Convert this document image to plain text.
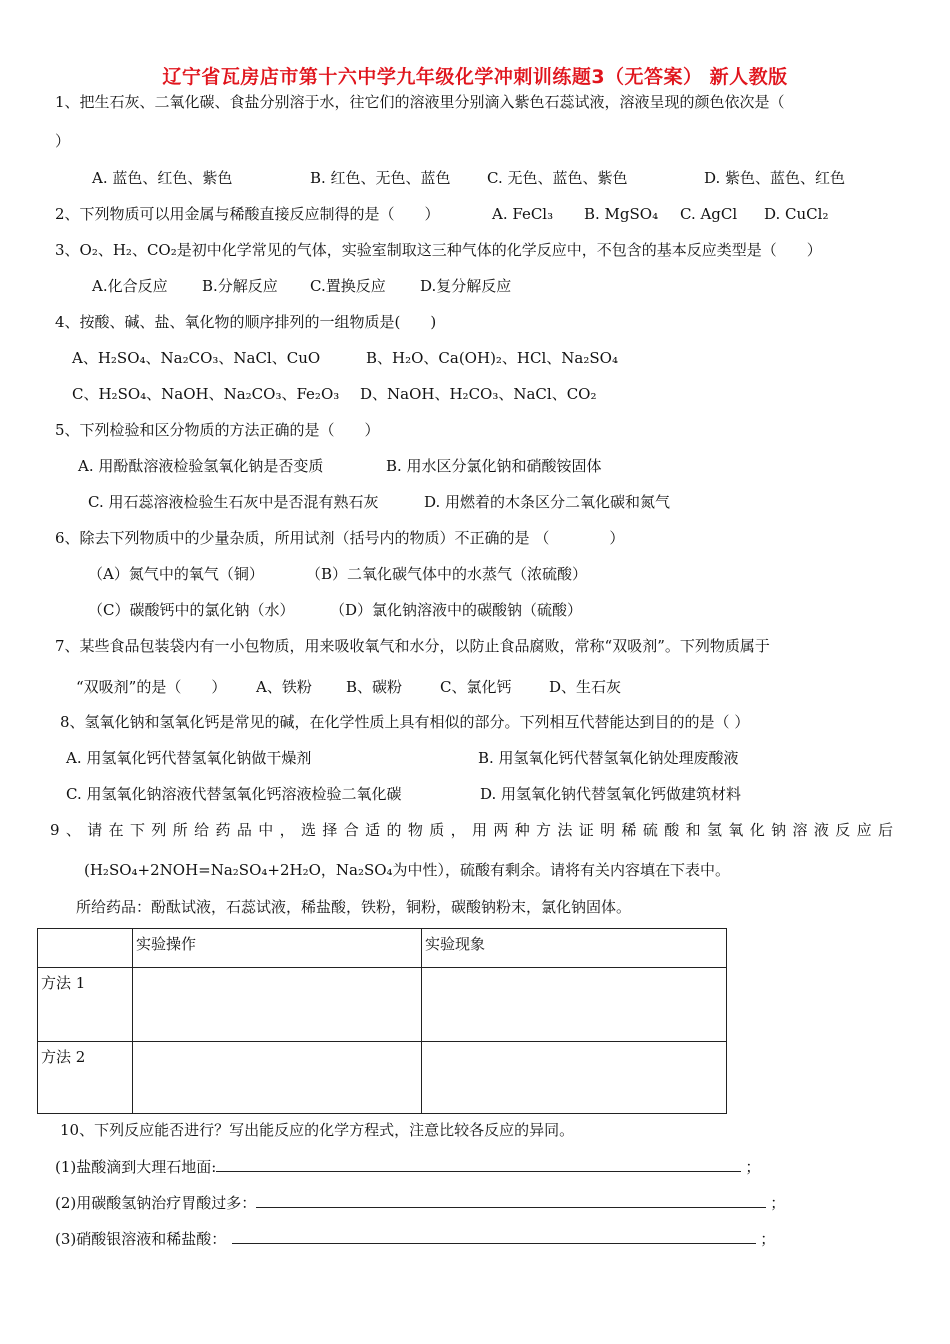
辽宁省瓦房店市第十六中学九年级化学冲刺训练题3（无答案） 新人教版
1、把生石灰、二氧化碳、食盐分别溶于水，往它们的溶液里分别滴入紫色石蕊试液，溶液呈现的颜色依次是（
）
A. 蓝色、红色、紫色	B. 红色、无色、蓝色 C. 无色、蓝色、紫色	D. 紫色、蓝色、红色
2、下列物质可以用金属与稀酸直接反应制得的是（　　）	A. FeCl₃ B. MgSO₄ C. AgCl D. CuCl₂
3、O₂、H₂、CO₂是初中化学常见的气体，实验室制取这三种气体的化学反应中，不包含的基本反应类型是（　　）
A.化合反应 B.分解反应 C.置换反应 D.复分解反应
4、按酸、碱、盐、氧化物的顺序排列的一组物质是(　　)
A、H₂SO₄、Na₂CO₃、NaCl、CuO	B、H₂O、Ca(OH)₂、HCl、Na₂SO₄
C、H₂SO₄、NaOH、Na₂CO₃、Fe₂O₃ D、NaOH、H₂CO₃、NaCl、CO₂
5、下列检验和区分物质的方法正确的是（　　）
A. 用酚酞溶液检验氢氧化钠是否变质	B. 用水区分氯化钠和硝酸铵固体
C. 用石蕊溶液检验生石灰中是否混有熟石灰	D. 用燃着的木条区分二氧化碳和氮气
6、除去下列物质中的少量杂质，所用试剂（括号内的物质）不正确的是 （　　　　）
（A）氮气中的氧气（铜）	（B）二氧化碳气体中的水蒸气（浓硫酸）
（C）碳酸钙中的氯化钠（水） （D）氯化钠溶液中的碳酸钠（硫酸）
7、某些食品包装袋内有一小包物质，用来吸收氧气和水分，以防止食品腐败，常称“双吸剂”。下列物质属于
“双吸剂”的是（　　） A、铁粉 B、碳粉	C、氯化钙	D、生石灰
8、氢氧化钠和氢氧化钙是常见的碱，在化学性质上具有相似的部分。下列相互代替能达到目的的是（ ）
A. 用氢氧化钙代替氢氧化钠做干燥剂	B. 用氢氧化钙代替氢氧化钠处理废酸液
C. 用氢氧化钠溶液代替氢氧化钙溶液检验二氧化碳	D. 用氢氧化钠代替氢氧化钙做建筑材料
9、请在下列所给药品中，选择合适的物质，用两种方法证明稀硫酸和氢氧化钠溶液反应后
(H₂SO₄+2NOH=Na₂SO₄+2H₂O，Na₂SO₄为中性），硫酸有剩余。请将有关内容填在下表中。
所给药品：酚酞试液，石蕊试液，稀盐酸，铁粉，铜粉，碳酸钠粉末，氯化钠固体。
	实验操作	实验现象
方法 1		
方法 2		
10、下列反应能否进行？写出能反应的化学方程式，注意比较各反应的异同。
(1)盐酸滴到大理石地面:	；
(2)用碳酸氢钠治疗胃酸过多：	；
(3)硝酸银溶液和稀盐酸：	；
